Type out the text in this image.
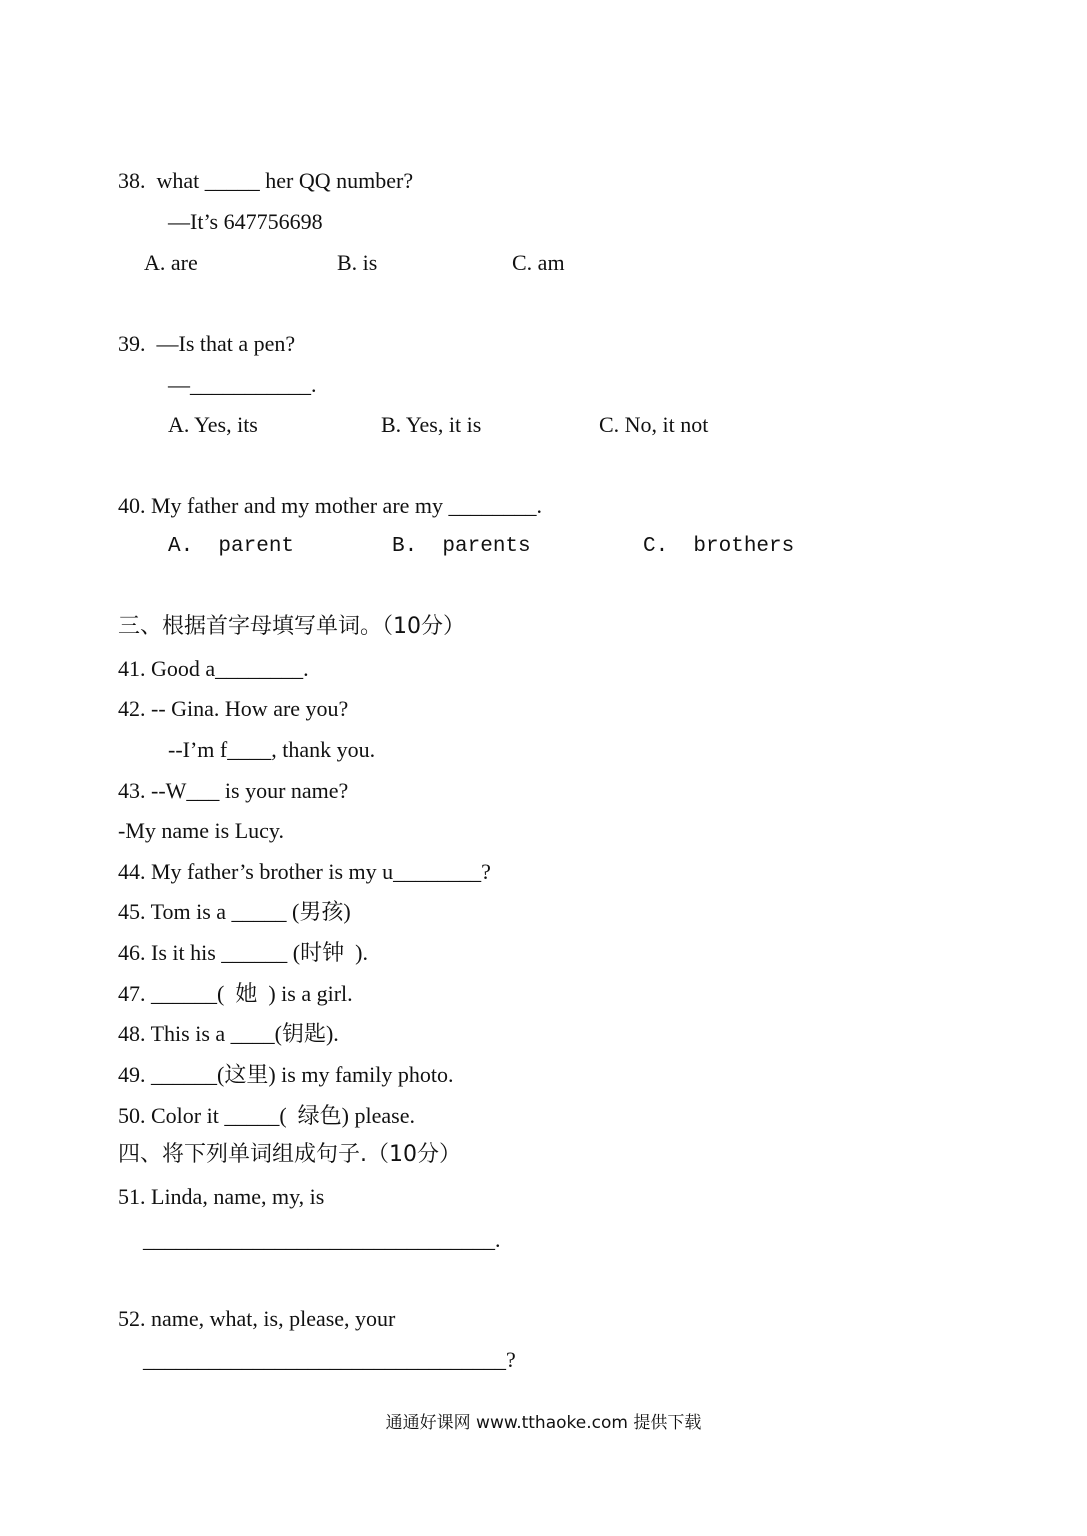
38.  what _____ her QQ number?
—It’s 647756698
A. are	B. is	C. am
39.  —Is that a pen?
—___________.
A. Yes, its	B. Yes, it is	C. No, it not
40. My father and my mother are my ________.
A.  parent	B.  parents	C.  brothers
三、根据首字母填写单词。（10分）
41. Good a________.
42. -- Gina. How are you?
--I’m f____, thank you.
43. --W___ is your name?
-My name is Lucy.
44. My father’s brother is my u________?
45. Tom is a _____ (男孩)
46. Is it his ______ (时钟  ).
47. ______(  她  ) is a girl.
48. This is a ____(钥匙).
49. ______(这里) is my family photo.
50. Color it _____(  绿色) please.
四、将下列单词组成句子.（10分）
51. Linda, name, my, is
________________________________.
52. name, what, is, please, your
_________________________________?
通通好课网 www.tthaoke.com 提供下载
